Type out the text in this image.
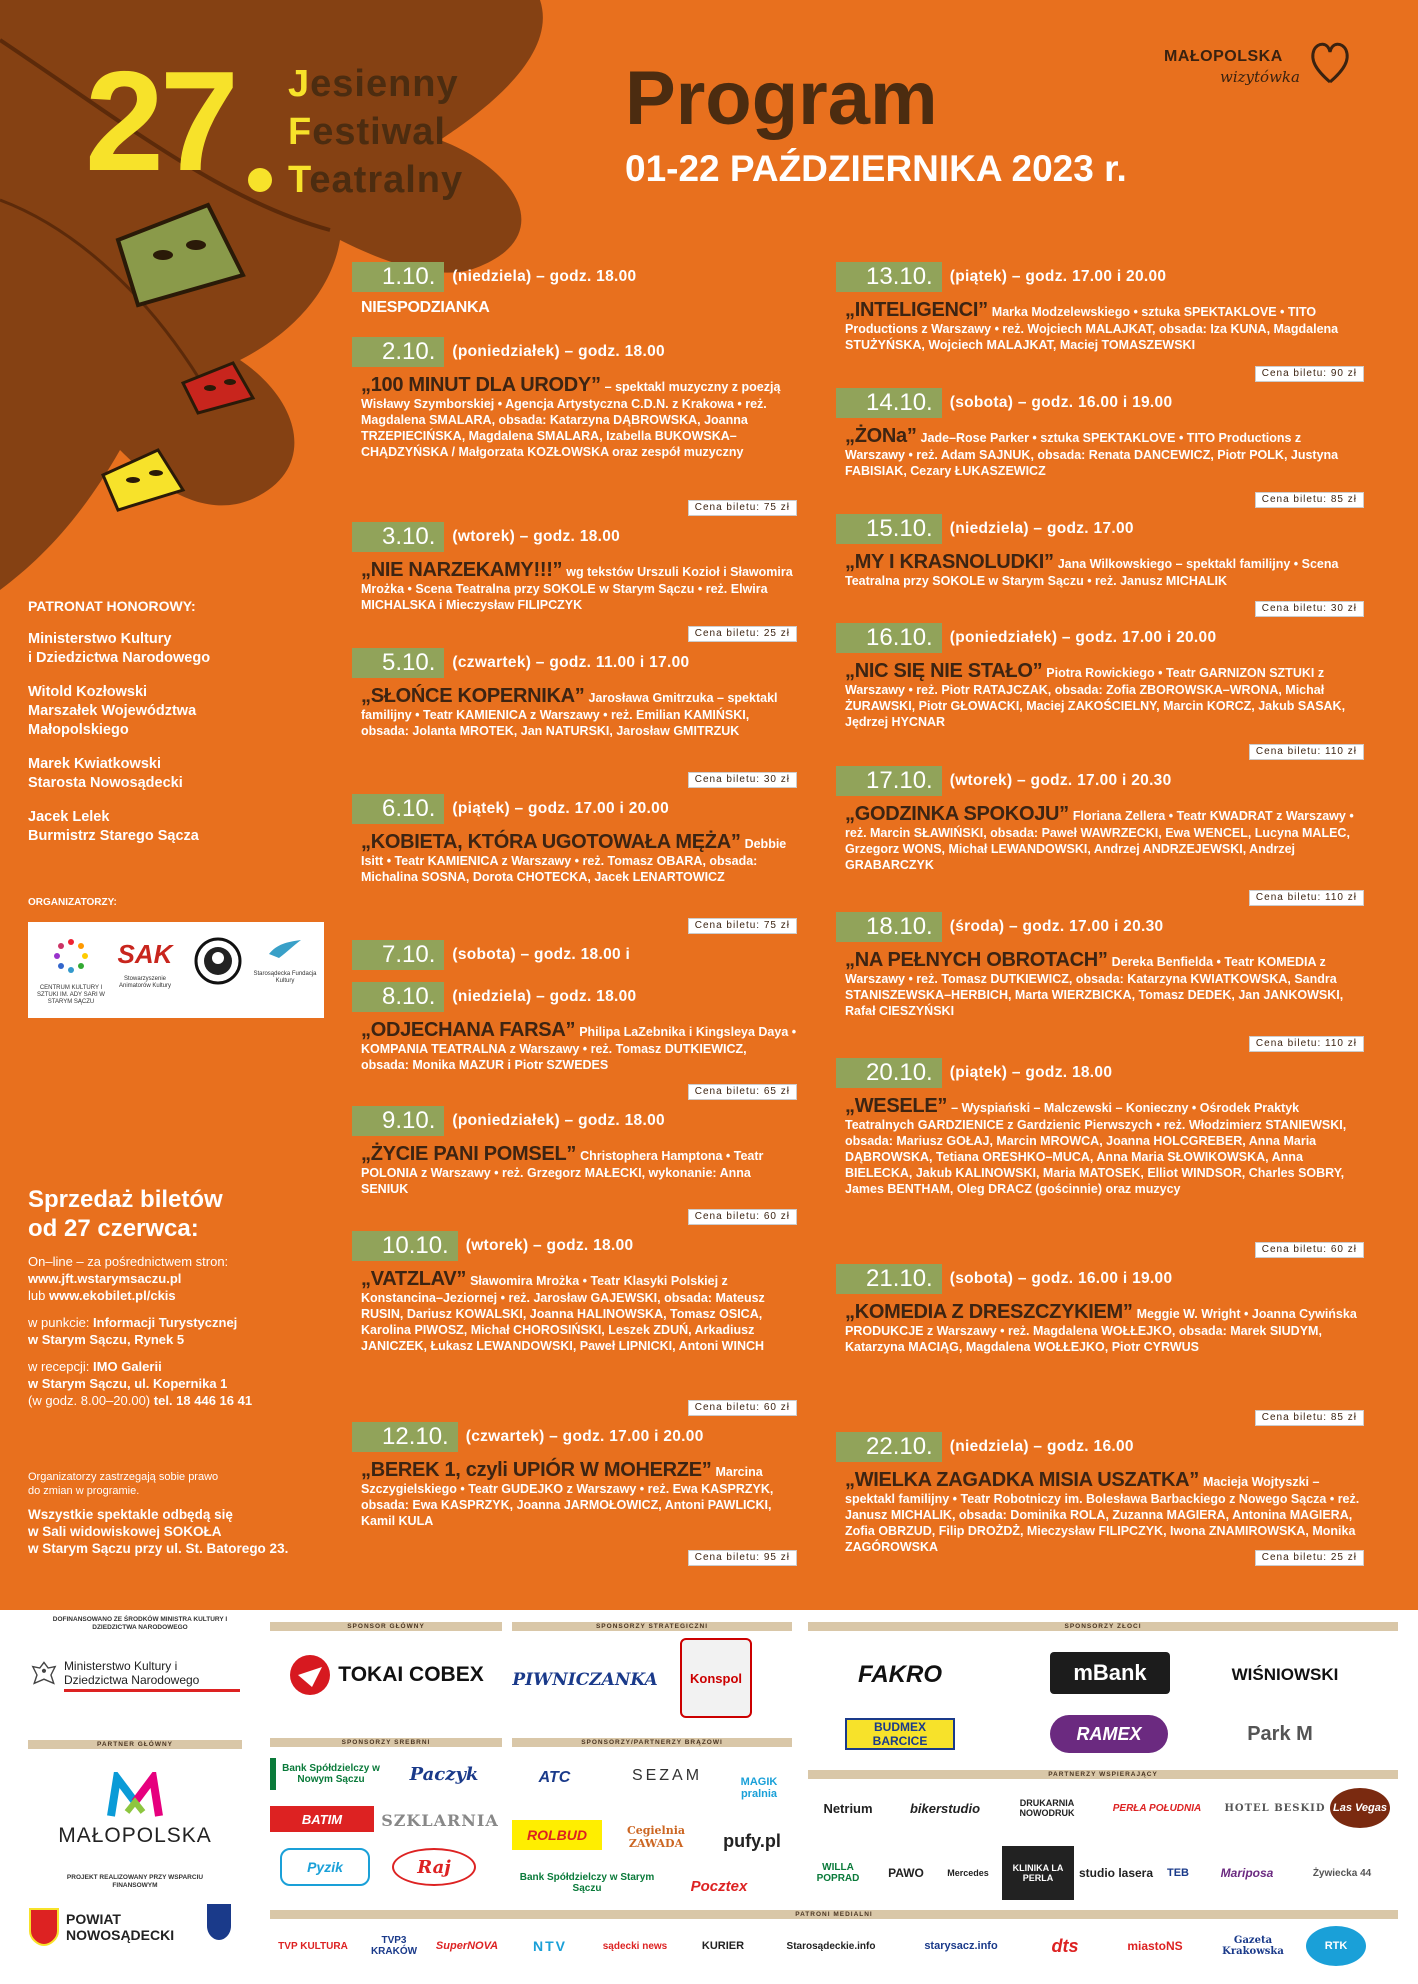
27 Jesienny
Festiwal
Teatralny
Program
01-22 PAŹDZIERNIKA 2023 r.
MAŁOPOLSKA
wizytówka
PATRONAT HONOROWY:
Ministerstwo Kultury
i Dziedzictwa Narodowego
Witold Kozłowski
Marszałek Województwa
Małopolskiego
Marek Kwiatkowski
Starosta Nowosądecki
Jacek Lelek
Burmistrz Starego Sącza
ORGANIZATORZY:
CENTRUM KULTURY I SZTUKI IM. ADY SARI W STARYM SĄCZU
SAK
Stowarzyszenie Animatorów Kultury
Starosądecka Fundacja Kultury
Sprzedaż biletów
od 27 czerwca:

On–line – za pośrednictwem stron:
www.jft.wstarymsaczu.pl
lub www.ekobilet.pl/ckis

w punkcie: Informacji Turystycznej
w Starym Sączu, Rynek 5

w recepcji: IMO Galerii
w Starym Sączu, ul. Kopernika 1
(w godz. 8.00–20.00) tel. 18 446 16 41

Organizatorzy zastrzegają sobie prawo
do zmian w programie.
Wszystkie spektakle odbędą się
w Sali widowiskowej SOKOŁA
w Starym Sączu przy ul. St. Batorego 23.
1.10.	(niedziela) – godz. 18.00
NIESPODZIANKA
2.10.	(poniedziałek) – godz. 18.00
„100 MINUT DLA URODY” – spektakl muzyczny z poezją Wisławy Szymborskiej • Agencja Artystyczna C.D.N. z Krakowa • reż. Magdalena SMALARA, obsada: Katarzyna DĄBROWSKA, Joanna TRZEPIECIŃSKA, Magdalena SMALARA, Izabella BUKOWSKA–CHĄDZYŃSKA / Małgorzata KOZŁOWSKA oraz zespół muzyczny
Cena biletu: 75 zł
3.10.	(wtorek) – godz. 18.00
„NIE NARZEKAMY!!!” wg tekstów Urszuli Kozioł i Sławomira Mrożka • Scena Teatralna przy SOKOLE w Starym Sączu • reż. Elwira MICHALSKA i Mieczysław FILIPCZYK
Cena biletu: 25 zł
5.10.	(czwartek) – godz. 11.00 i 17.00
„SŁOŃCE KOPERNIKA” Jarosława Gmitrzuka – spektakl familijny • Teatr KAMIENICA z Warszawy • reż. Emilian KAMIŃSKI, obsada: Jolanta MROTEK, Jan NATURSKI, Jarosław GMITRZUK
Cena biletu: 30 zł
6.10.	(piątek) – godz. 17.00 i 20.00
„KOBIETA, KTÓRA UGOTOWAŁA MĘŻA” Debbie Isitt • Teatr KAMIENICA z Warszawy • reż. Tomasz OBARA, obsada: Michalina SOSNA, Dorota CHOTECKA, Jacek LENARTOWICZ
Cena biletu: 75 zł
7.10.	(sobota) – godz. 18.00 i
8.10.	(niedziela) – godz. 18.00
„ODJECHANA FARSA” Philipa LaZebnika i Kingsleya Daya • KOMPANIA TEATRALNA z Warszawy • reż. Tomasz DUTKIEWICZ, obsada: Monika MAZUR i Piotr SZWEDES
Cena biletu: 65 zł
9.10.	(poniedziałek) – godz. 18.00
„ŻYCIE PANI POMSEL” Christophera Hamptona • Teatr POLONIA z Warszawy • reż. Grzegorz MAŁECKI, wykonanie: Anna SENIUK
Cena biletu: 60 zł
10.10.	(wtorek) – godz. 18.00
„VATZLAV” Sławomira Mrożka • Teatr Klasyki Polskiej z Konstancina–Jeziornej • reż. Jarosław GAJEWSKI, obsada: Mateusz RUSIN, Dariusz KOWALSKI, Joanna HALINOWSKA, Tomasz OSICA, Karolina PIWOSZ, Michał CHOROSIŃSKI, Leszek ZDUŃ, Arkadiusz JANICZEK, Łukasz LEWANDOWSKI, Paweł LIPNICKI, Antoni WINCH
Cena biletu: 60 zł
12.10.	(czwartek) – godz. 17.00 i 20.00
„BEREK 1, czyli UPIÓR W MOHERZE” Marcina Szczygielskiego • Teatr GUDEJKO z Warszawy • reż. Ewa KASPRZYK, obsada: Ewa KASPRZYK, Joanna JARMOŁOWICZ, Antoni PAWLICKI, Kamil KULA
Cena biletu: 95 zł
13.10.	(piątek) – godz. 17.00 i 20.00
„INTELIGENCI” Marka Modzelewskiego • sztuka SPEKTAKLOVE • TITO Productions z Warszawy • reż. Wojciech MALAJKAT, obsada: Iza KUNA, Magdalena STUŻYŃSKA, Wojciech MALAJKAT, Maciej TOMASZEWSKI
Cena biletu: 90 zł
14.10.	(sobota) – godz. 16.00 i 19.00
„ŻONa” Jade–Rose Parker • sztuka SPEKTAKLOVE • TITO Productions z Warszawy • reż. Adam SAJNUK, obsada: Renata DANCEWICZ, Piotr POLK, Justyna FABISIAK, Cezary ŁUKASZEWICZ
Cena biletu: 85 zł
15.10.	(niedziela) – godz. 17.00
„MY I KRASNOLUDKI” Jana Wilkowskiego – spektakl familijny • Scena Teatralna przy SOKOLE w Starym Sączu • reż. Janusz MICHALIK
Cena biletu: 30 zł
16.10.	(poniedziałek) – godz. 17.00 i 20.00
„NIC SIĘ NIE STAŁO” Piotra Rowickiego • Teatr GARNIZON SZTUKI z Warszawy • reż. Piotr RATAJCZAK, obsada: Zofia ZBOROWSKA–WRONA, Michał ŻURAWSKI, Piotr GŁOWACKI, Maciej ZAKOŚCIELNY, Marcin KORCZ, Jakub SASAK, Jędrzej HYCNAR
Cena biletu: 110 zł
17.10.	(wtorek) – godz. 17.00 i 20.30
„GODZINKA SPOKOJU” Floriana Zellera • Teatr KWADRAT z Warszawy • reż. Marcin SŁAWIŃSKI, obsada: Paweł WAWRZECKI, Ewa WENCEL, Lucyna MALEC, Grzegorz WONS, Michał LEWANDOWSKI, Andrzej ANDRZEJEWSKI, Andrzej GRABARCZYK
Cena biletu: 110 zł
18.10.	(środa) – godz. 17.00 i 20.30
„NA PEŁNYCH OBROTACH” Dereka Benfielda • Teatr KOMEDIA z Warszawy • reż. Tomasz DUTKIEWICZ, obsada: Katarzyna KWIATKOWSKA, Sandra STANISZEWSKA–HERBICH, Marta WIERZBICKA, Tomasz DEDEK, Jan JANKOWSKI, Rafał CIESZYŃSKI
Cena biletu: 110 zł
20.10.	(piątek) – godz. 18.00
„WESELE” – Wyspiański – Malczewski – Konieczny • Ośrodek Praktyk Teatralnych GARDZIENICE z Gardzienic Pierwszych • reż. Włodzimierz STANIEWSKI, obsada: Mariusz GOŁAJ, Marcin MROWCA, Joanna HOLCGREBER, Anna Maria DĄBROWSKA, Tetiana ORESHKO–MUCA, Anna Maria SŁOWIKOWSKA, Anna BIELECKA, Jakub KALINOWSKI, Maria MATOSEK, Elliot WINDSOR, Charles SOBRY, James BENTHAM, Oleg DRACZ (gościnnie) oraz muzycy
Cena biletu: 60 zł
21.10.	(sobota) – godz. 16.00 i 19.00
„KOMEDIA Z DRESZCZYKIEM” Meggie W. Wright • Joanna Cywińska PRODUKCJE z Warszawy • reż. Magdalena WOŁŁEJKO, obsada: Marek SIUDYM, Katarzyna MACIĄG, Magdalena WOŁŁEJKO, Piotr CYRWUS
Cena biletu: 85 zł
22.10.	(niedziela) – godz. 16.00
„WIELKA ZAGADKA MISIA USZATKA” Macieja Wojtyszki – spektakl familijny • Teatr Robotniczy im. Bolesława Barbackiego z Nowego Sącza • reż. Janusz MICHALIK, obsada: Dominika ROLA, Zuzanna MAGIERA, Antonina MAGIERA, Zofia OBRZUD, Filip DROŻDŻ, Mieczysław FILIPCZYK, Iwona ZNAMIROWSKA, Monika ZAGÓROWSKA
Cena biletu: 25 zł
DOFINANSOWANO ZE ŚRODKÓW MINISTRA KULTURY I DZIEDZICTWA NARODOWEGO
Ministerstwo Kultury i Dziedzictwa Narodowego
SPONSOR GŁÓWNY
TOKAI COBEX
SPONSORZY STRATEGICZNI
PIWNICZANKA	Konspol
SPONSORZY ZŁOCI
FAKRO	mBank	WIŚNIOWSKI
BUDMEX BARCICE	RAMEX	Park M
PARTNER GŁÓWNY
MAŁOPOLSKA
PROJEKT REALIZOWANY PRZY WSPARCIU FINANSOWYM
POWIAT NOWOSĄDECKI
SPONSORZY SREBRNI
Bank Spółdzielczy w Nowym Sączu	Paczyk
BATIM	SZKLARNIA
Pyzik	Raj
SPONSORZY/PARTNERZY BRĄZOWI
ATC	SEZAM	MAGIK pralnia
ROLBUD	Cegielnia ZAWADA	pufy.pl
Bank Spółdzielczy w Starym Sączu	Pocztex
PARTNERZY WSPIERAJĄCY
Netrium	bikerstudio	DRUKARNIA NOWODRUK	PERŁA POŁUDNIA	HOTEL BESKID Las Vegas
WILLA POPRAD	PAWO	Mercedes	KLINIKA LA PERLA	studio lasera	TEB	Mariposa	Żywiecka 44
PATRONI MEDIALNI
TVP KULTURA	TVP3 KRAKÓW	SuperNOVA	NTV	sądecki news	KURIER	Starosądeckie.info	starysacz.info	dts	miastoNS	Gazeta Krakowska	RTK
